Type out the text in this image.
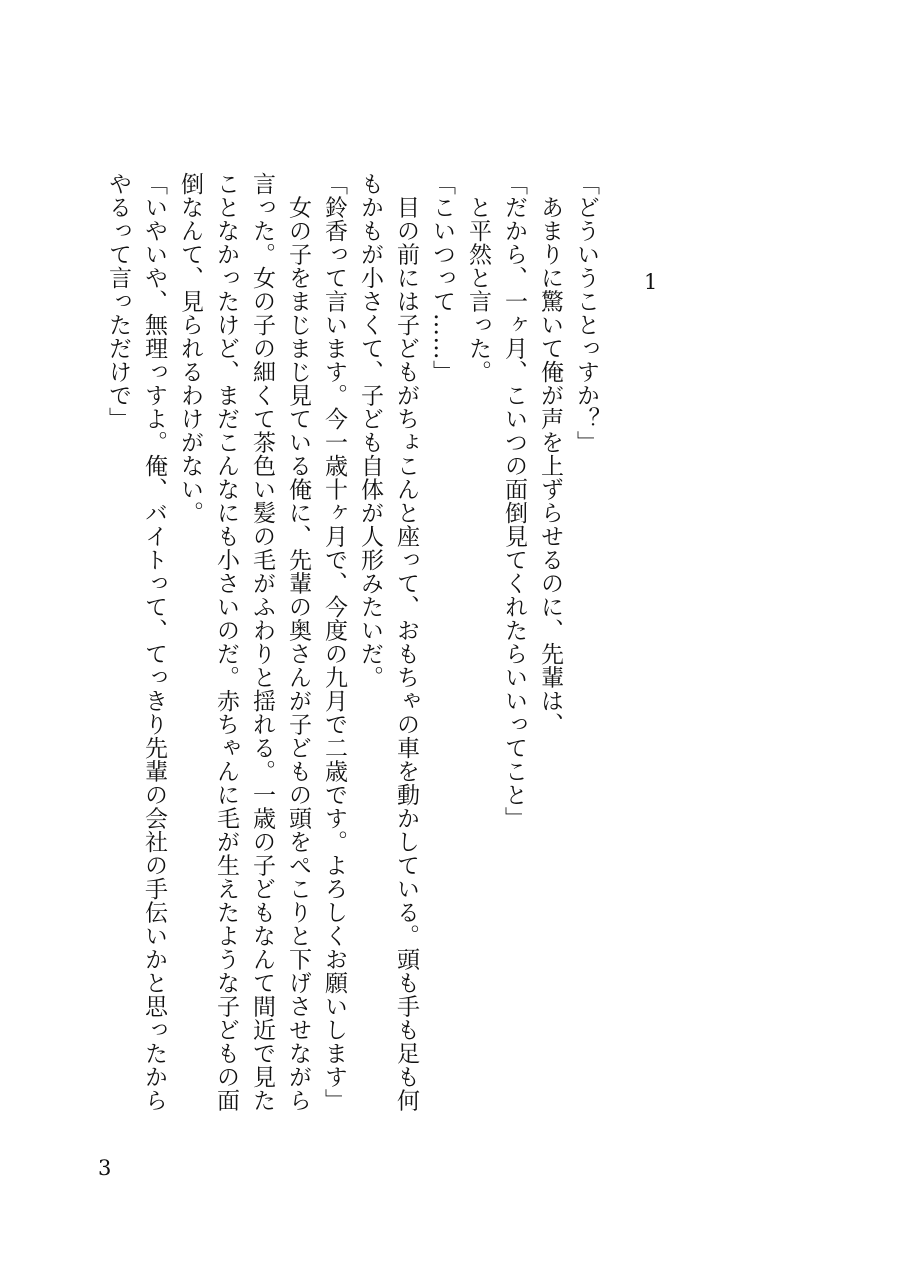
1

「どういうことっすか？」

　あまりに驚いて俺が声を上ずらせるのに、先輩は、

「だから、一ヶ月、こいつの面倒見てくれたらいいってこと」

　と平然と言った。

「こいつって……」

　目の前には子どもがちょこんと座って、おもちゃの車を動かしている。頭も手も足も何もかもが小さくて、子ども自体が人形みたいだ。

「鈴香って言います。今一歳十ヶ月で、今度の九月で二歳です。よろしくお願いします」

　女の子をまじまじ見ている俺に、先輩の奥さんが子どもの頭をぺこりと下げさせながら言った。女の子の細くて茶色い髪の毛がふわりと揺れる。一歳の子どもなんて間近で見たことなかったけど、まだこんなにも小さいのだ。赤ちゃんに毛が生えたような子どもの面倒なんて、見られるわけがない。

「いやいや、無理っすよ。俺、バイトって、てっきり先輩の会社の手伝いかと思ったからやるって言っただけで」

3
